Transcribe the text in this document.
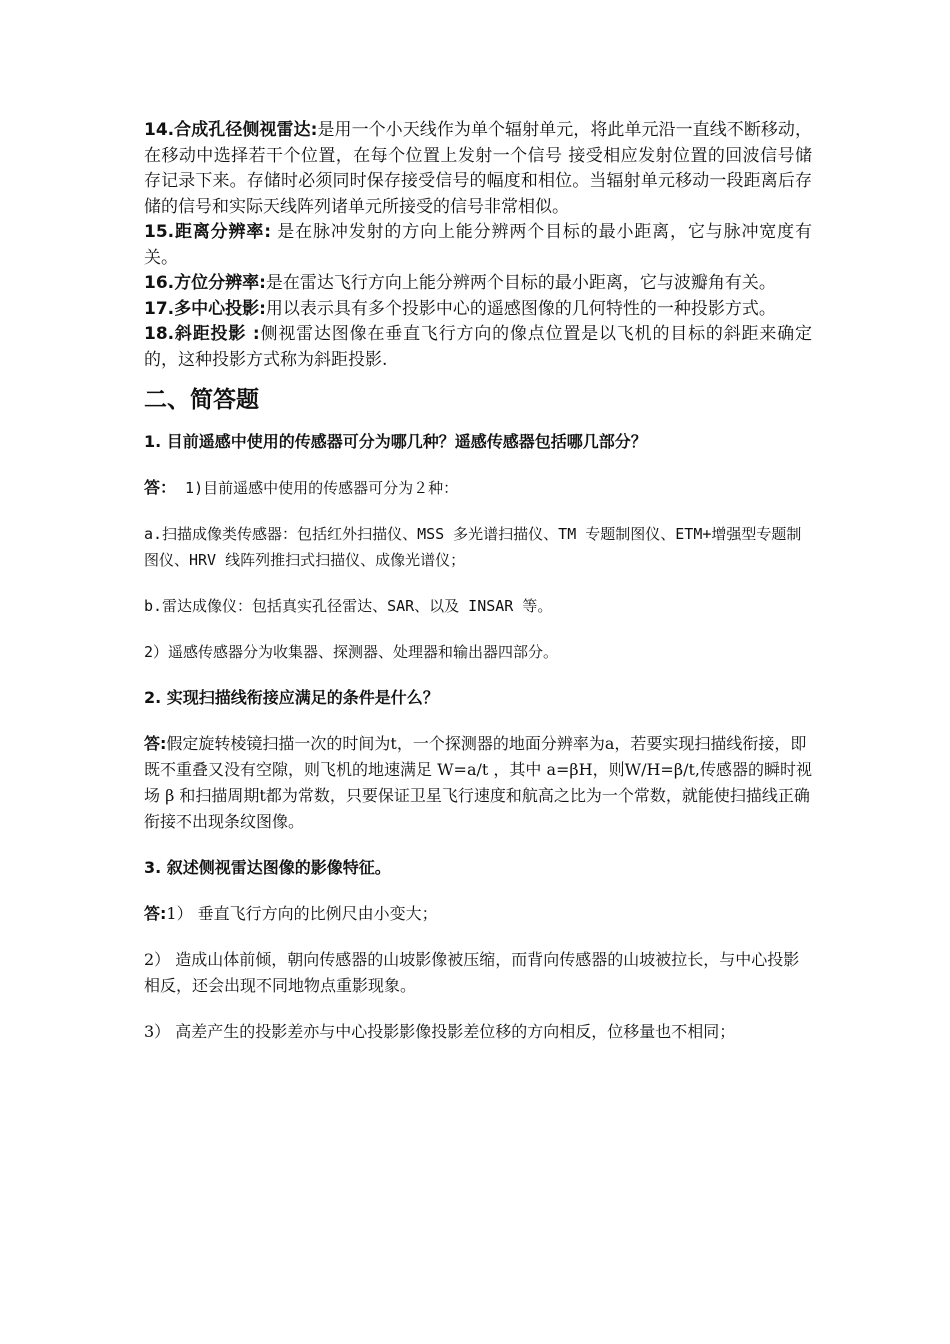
14.合成孔径侧视雷达:是用一个小天线作为单个辐射单元，将此单元沿一直线不断移动， 在移动中选择若干个位置，在每个位置上发射一个信号 接受相应发射位置的回波信号储存记录下来。存储时必须同时保存接受信号的幅度和相位。当辐射单元移动一段距离后存储的信号和实际天线阵列诸单元所接受的信号非常相似。

15.距离分辨率: 是在脉冲发射的方向上能分辨两个目标的最小距离，它与脉冲宽度有关。

16.方位分辨率:是在雷达飞行方向上能分辨两个目标的最小距离，它与波瓣角有关。

17.多中心投影:用以表示具有多个投影中心的遥感图像的几何特性的一种投影方式。

18.斜距投影 :侧视雷达图像在垂直飞行方向的像点位置是以飞机的目标的斜距来确定的，这种投影方式称为斜距投影.

二、简答题

1. 目前遥感中使用的传感器可分为哪几种？遥感传感器包括哪几部分？

答： 1)目前遥感中使用的传感器可分为２种：

a.扫描成像类传感器：包括红外扫描仪、MSS 多光谱扫描仪、TM 专题制图仪、ETM+增强型专题制图仪、HRV 线阵列推扫式扫描仪、成像光谱仪；

b.雷达成像仪：包括真实孔径雷达、SAR、以及 INSAR 等。

2）遥感传感器分为收集器、探测器、处理器和输出器四部分。

2. 实现扫描线衔接应满足的条件是什么？

答:假定旋转棱镜扫描一次的时间为t，一个探测器的地面分辨率为a，若要实现扫描线衔接，即既不重叠又没有空隙，则飞机的地速满足 W=a/t ，其中 a=βH，则W/H=β/t,传感器的瞬时视场 β 和扫描周期t都为常数，只要保证卫星飞行速度和航高之比为一个常数，就能使扫描线正确衔接不出现条纹图像。

3. 叙述侧视雷达图像的影像特征。

答:1） 垂直飞行方向的比例尺由小变大；

2） 造成山体前倾，朝向传感器的山坡影像被压缩，而背向传感器的山坡被拉长，与中心投影相反，还会出现不同地物点重影现象。

3） 高差产生的投影差亦与中心投影影像投影差位移的方向相反，位移量也不相同；
